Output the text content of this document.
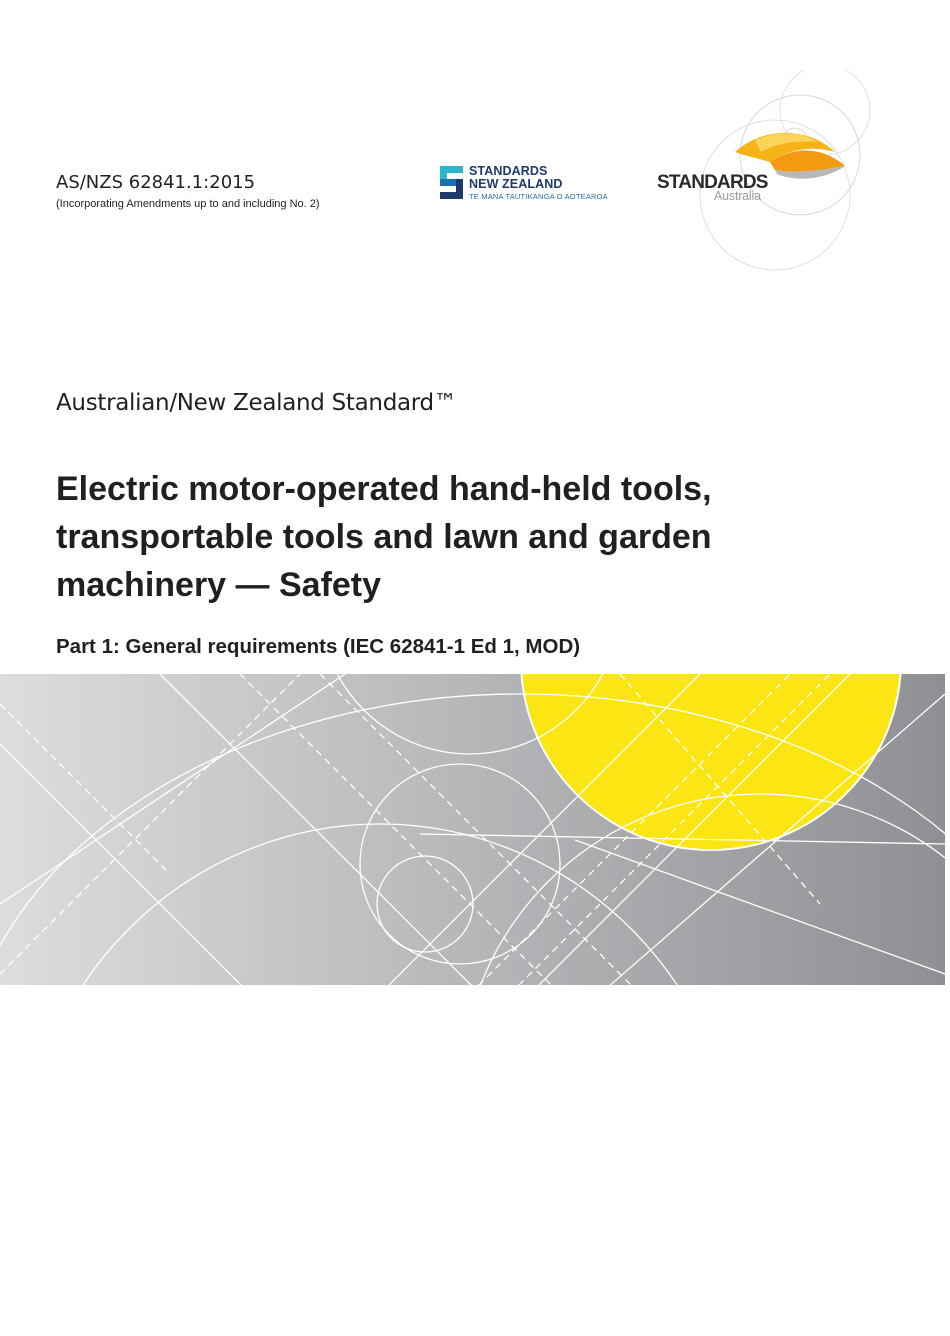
AS/NZS 62841.1:2015
(Incorporating Amendments up to and including No. 2)
STANDARDS
NEW ZEALAND
TE MANA TAUTIKANGA O AOTEAROA
STANDARDS
Australia
Australian/New Zealand Standard™
Electric motor-operated hand-held tools,
transportable tools and lawn and garden
machinery — Safety
Part 1: General requirements (IEC 62841-1 Ed 1, MOD)
